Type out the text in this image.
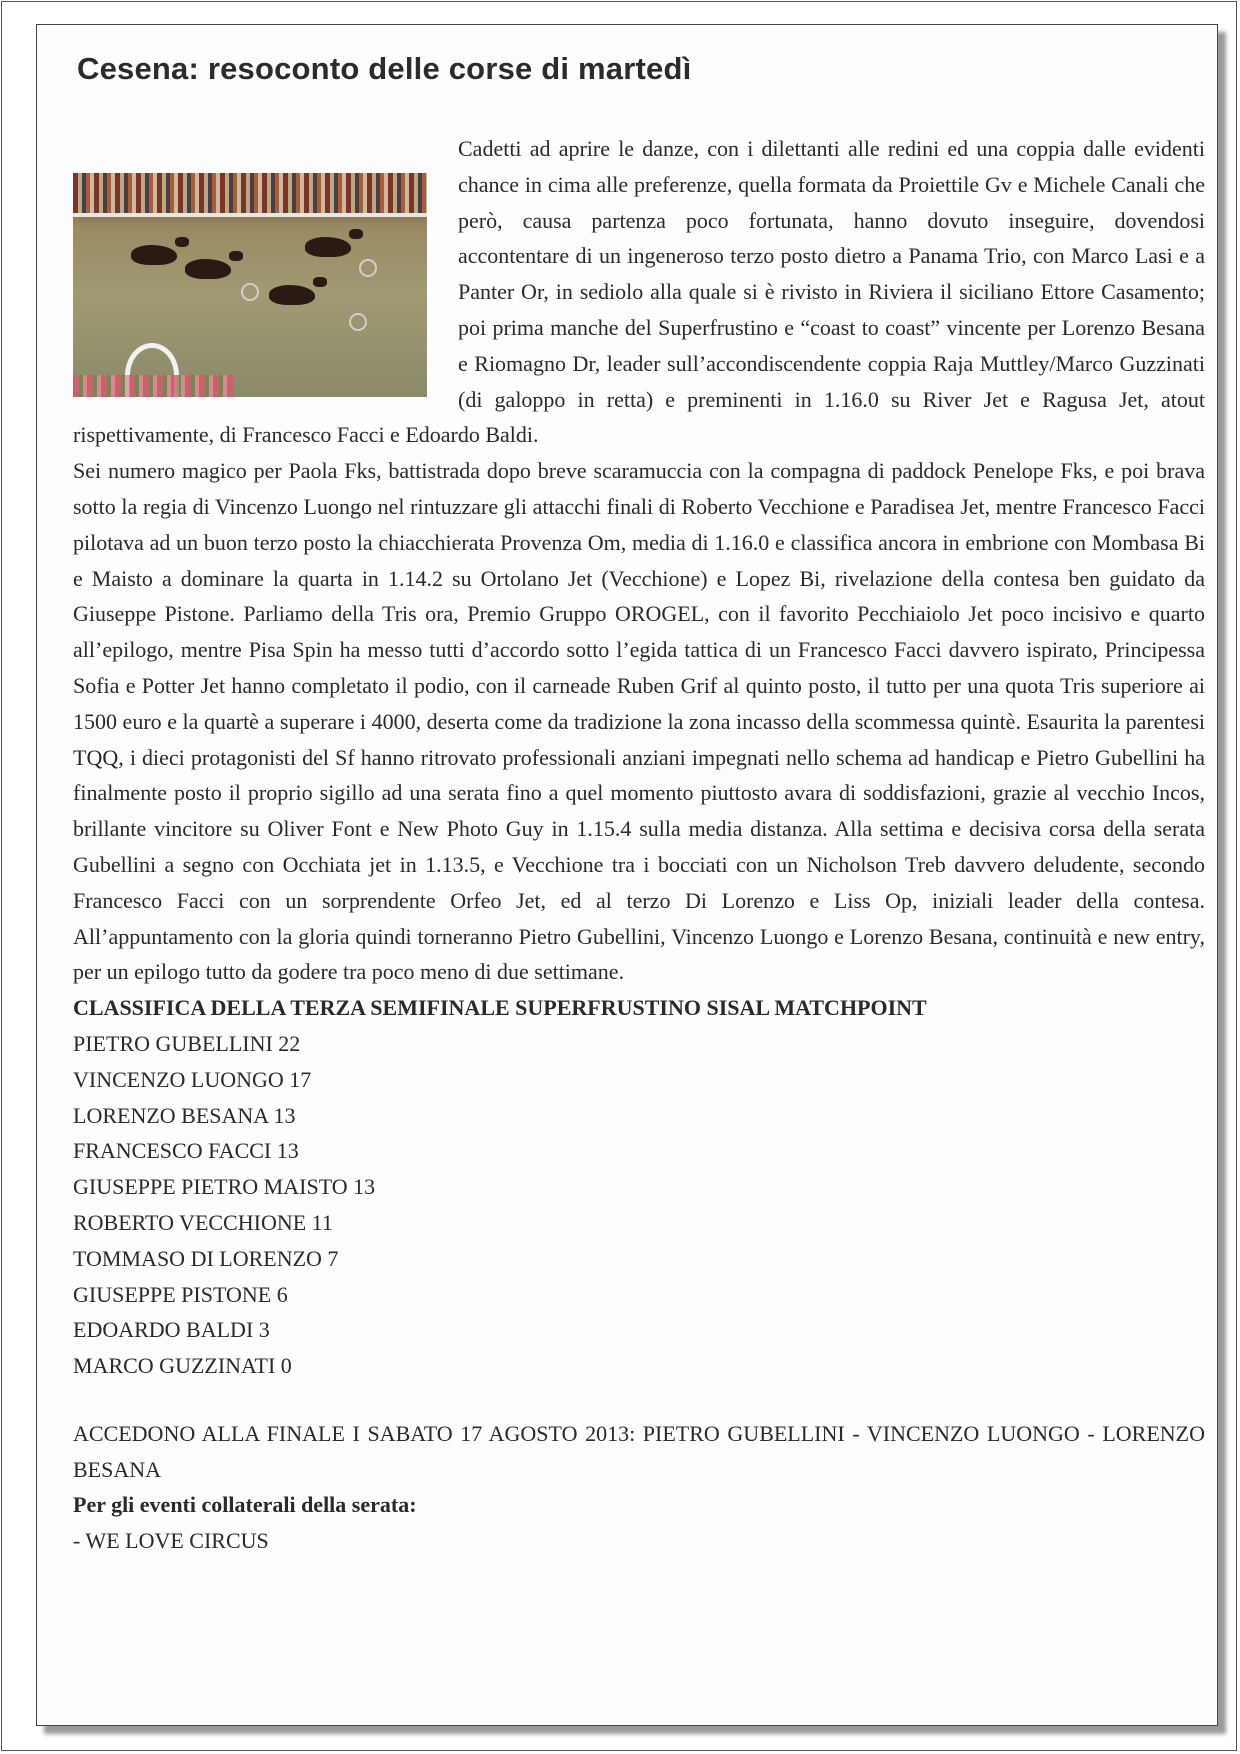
Cesena: resoconto delle corse di martedì

Cadetti ad aprire le danze, con i dilettanti alle redini ed una coppia dalle evidenti chance in cima alle preferenze, quella formata da Proiettile Gv e Michele Canali che però, causa partenza poco fortunata, hanno dovuto inseguire, dovendosi accontentare di un ingeneroso terzo posto dietro a Panama Trio, con Marco Lasi e a Panter Or, in sediolo alla quale si è rivisto in Riviera il siciliano Ettore Casamento; poi prima manche del Superfrustino e “coast to coast” vincente per Lorenzo Besana e Riomagno Dr, leader sull’accondiscendente coppia Raja Muttley/Marco Guzzinati (di galoppo in retta) e preminenti in 1.16.0 su River Jet e Ragusa Jet, atout rispettivamente, di Francesco Facci e Edoardo Baldi.

Sei numero magico per Paola Fks, battistrada dopo breve scaramuccia con la compagna di paddock Penelope Fks, e poi brava sotto la regia di Vincenzo Luongo nel rintuzzare gli attacchi finali di Roberto Vecchione e Paradisea Jet, mentre Francesco Facci pilotava ad un buon terzo posto la chiacchierata Provenza Om, media di 1.16.0 e classifica ancora in embrione con Mombasa Bi e Maisto a dominare la quarta in 1.14.2 su Ortolano Jet (Vecchione) e Lopez Bi, rivelazione della contesa ben guidato da Giuseppe Pistone. Parliamo della Tris ora, Premio Gruppo OROGEL, con il favorito Pecchiaiolo Jet poco incisivo e quarto all’epilogo, mentre Pisa Spin ha messo tutti d’accordo sotto l’egida tattica di un Francesco Facci davvero ispirato, Principessa Sofia e Potter Jet hanno completato il podio, con il carneade Ruben Grif al quinto posto, il tutto per una quota Tris superiore ai 1500 euro e la quartè a superare i 4000, deserta come da tradizione la zona incasso della scommessa quintè. Esaurita la parentesi TQQ, i dieci protagonisti del Sf hanno ritrovato professionali anziani impegnati nello schema ad handicap e Pietro Gubellini ha finalmente posto il proprio sigillo ad una serata fino a quel momento piuttosto avara di soddisfazioni, grazie al vecchio Incos, brillante vincitore su Oliver Font e New Photo Guy in 1.15.4 sulla media distanza. Alla settima e decisiva corsa della serata Gubellini a segno con Occhiata jet in 1.13.5, e Vecchione tra i bocciati con un Nicholson Treb davvero deludente, secondo Francesco Facci con un sorprendente Orfeo Jet, ed al terzo Di Lorenzo e Liss Op, iniziali leader della contesa. All’appuntamento con la gloria quindi torneranno Pietro Gubellini, Vincenzo Luongo e Lorenzo Besana, continuità e new entry, per un epilogo tutto da godere tra poco meno di due settimane.

CLASSIFICA DELLA TERZA SEMIFINALE SUPERFRUSTINO SISAL MATCHPOINT

PIETRO GUBELLINI 22
VINCENZO LUONGO 17
LORENZO BESANA 13
FRANCESCO FACCI 13
GIUSEPPE PIETRO MAISTO 13
ROBERTO VECCHIONE 11
TOMMASO DI LORENZO 7
GIUSEPPE PISTONE 6
EDOARDO BALDI 3
MARCO GUZZINATI 0

ACCEDONO ALLA FINALE I SABATO 17 AGOSTO 2013: PIETRO GUBELLINI - VINCENZO LUONGO - LORENZO BESANA

Per gli eventi collaterali della serata:

- WE LOVE CIRCUS
